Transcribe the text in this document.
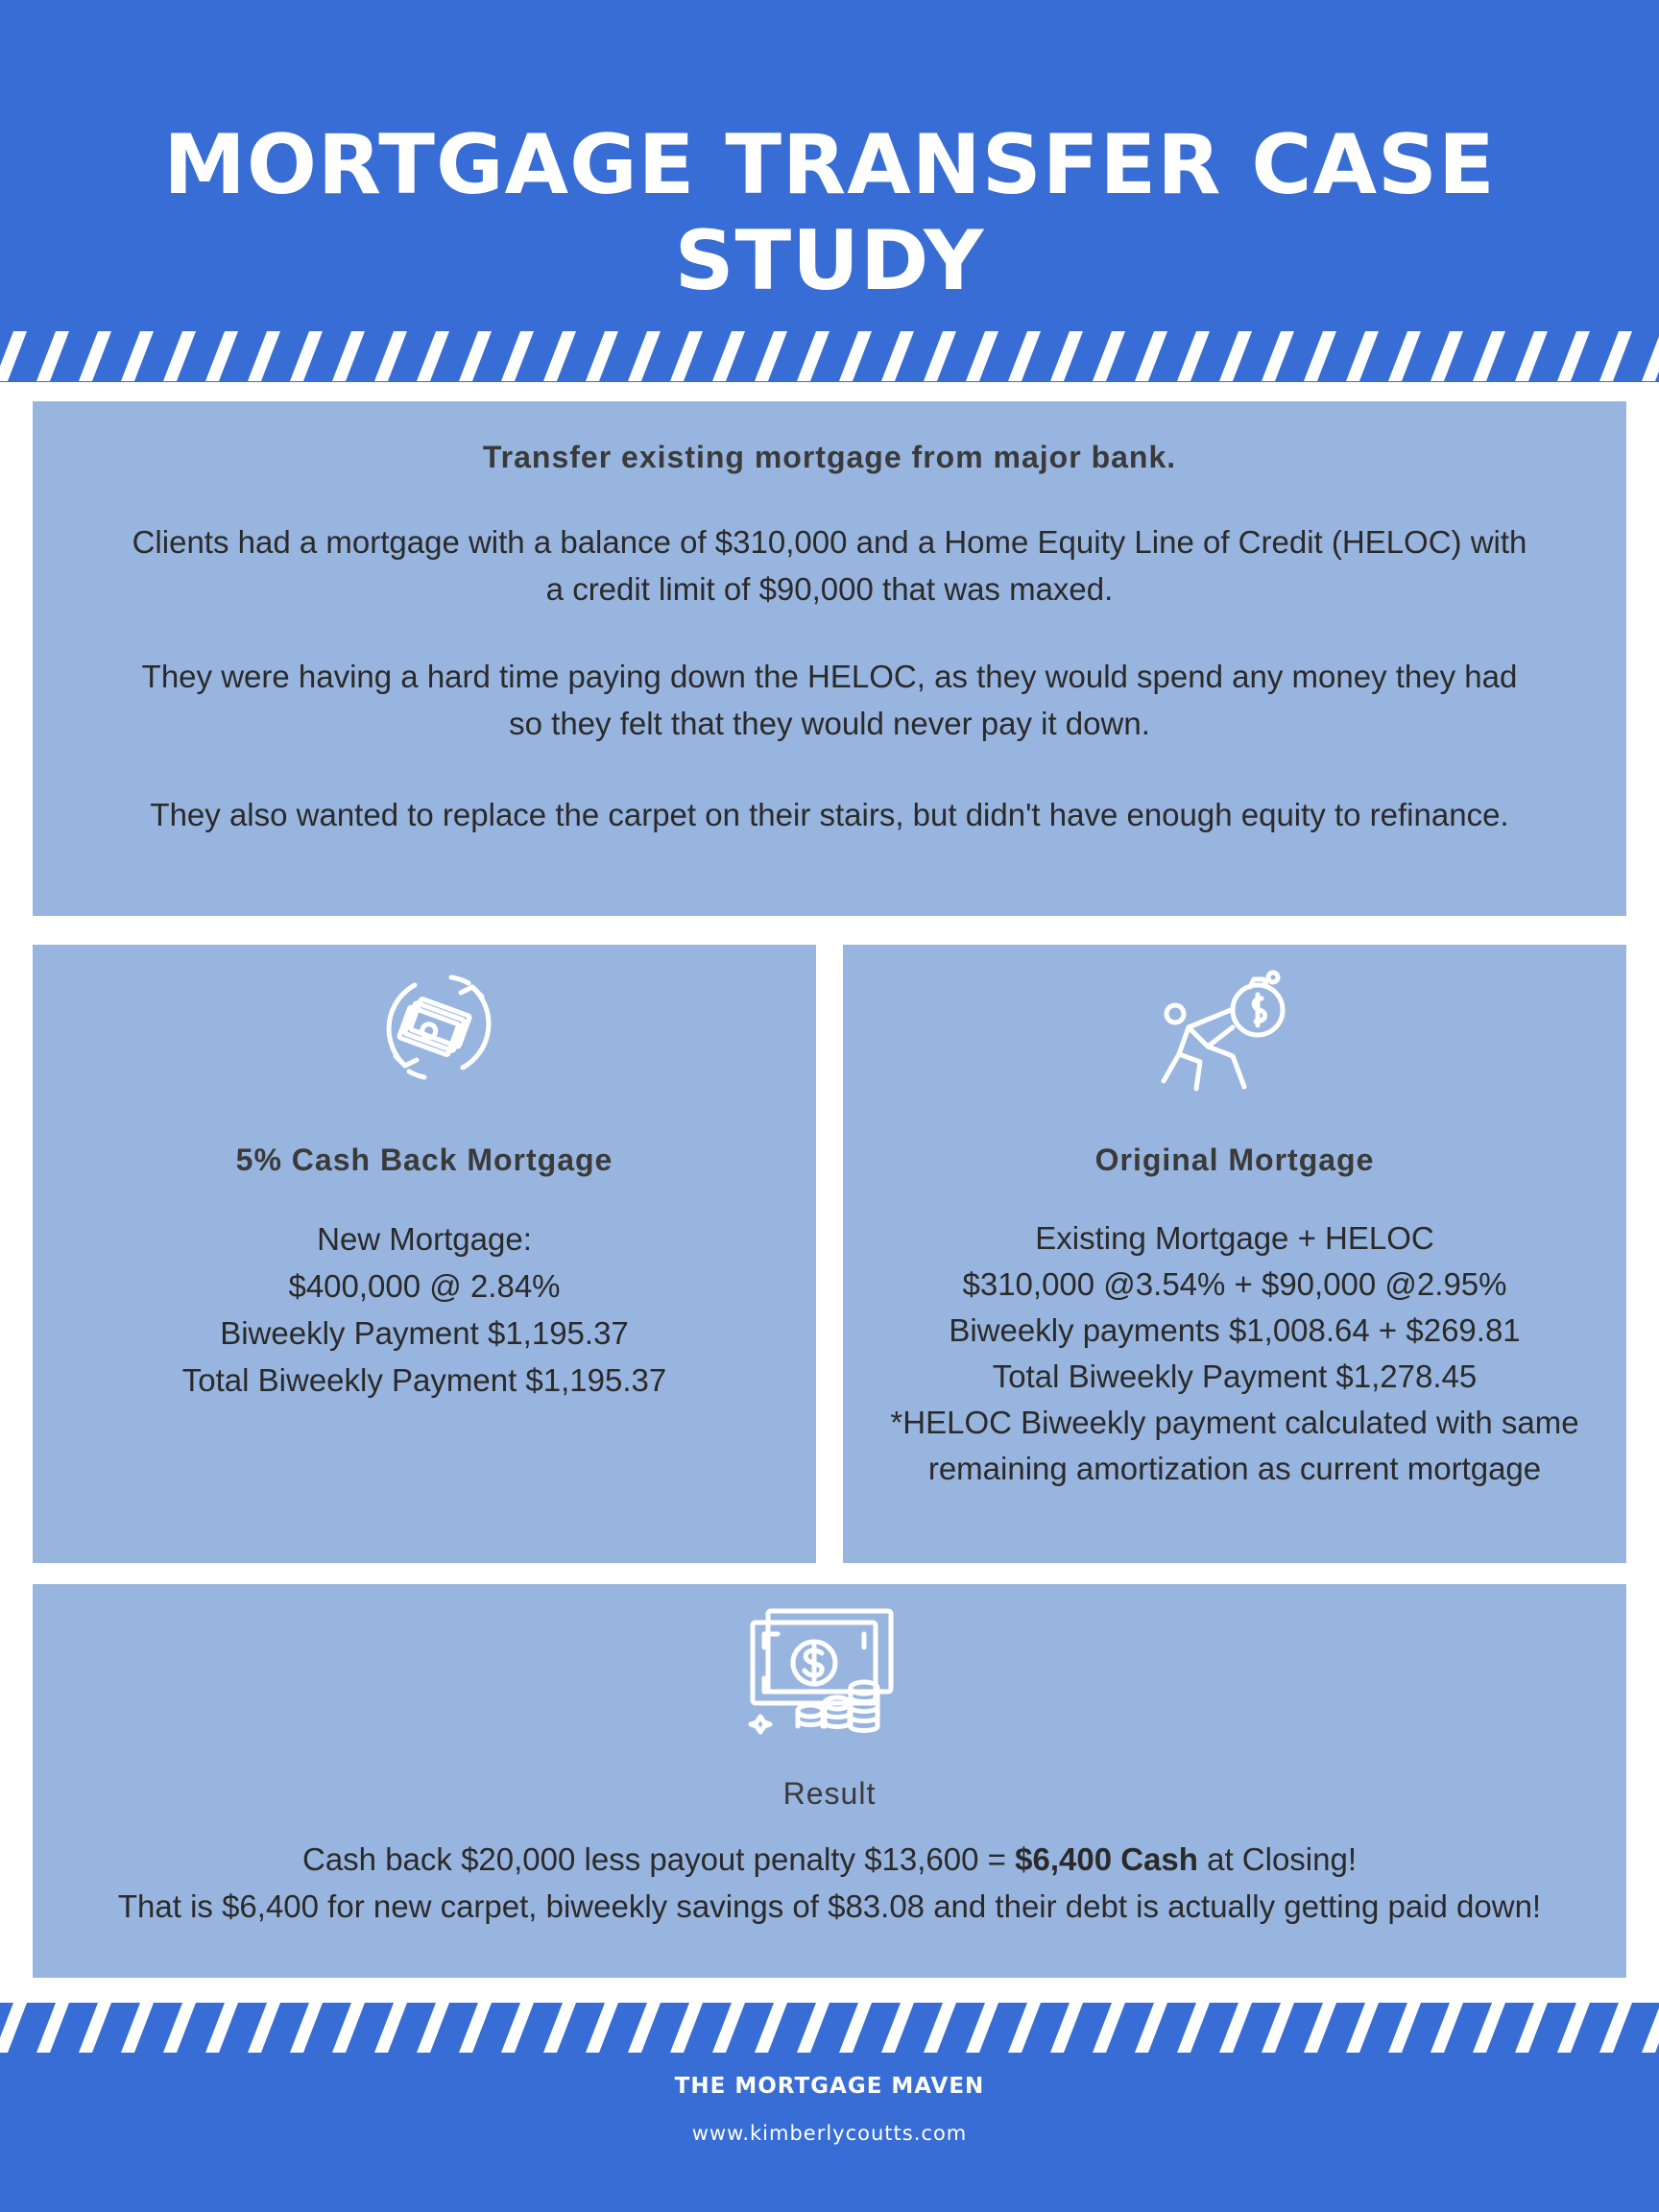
MORTGAGE TRANSFER CASE STUDY
Transfer existing mortgage from major bank.

Clients had a mortgage with a balance of $310,000 and a Home Equity Line of Credit (HELOC) with

a credit limit of $90,000 that was maxed.

They were having a hard time paying down the HELOC, as they would spend any money they had

so they felt that they would never pay it down.

They also wanted to replace the carpet on their stairs, but didn't have enough equity to refinance.

5% Cash Back Mortgage

New Mortgage:

$400,000 @ 2.84%

Biweekly Payment $1,195.37

Total Biweekly Payment $1,195.37

Original Mortgage

Existing Mortgage + HELOC

$310,000 @3.54% + $90,000 @2.95%

Biweekly payments $1,008.64 + $269.81

Total Biweekly Payment $1,278.45

*HELOC Biweekly payment calculated with same

remaining amortization as current mortgage

Result

Cash back $20,000 less payout penalty $13,600 = $6,400 Cash at Closing!

That is $6,400 for new carpet, biweekly savings of $83.08 and their debt is actually getting paid down!

THE MORTGAGE MAVEN
www.kimberlycoutts.com
